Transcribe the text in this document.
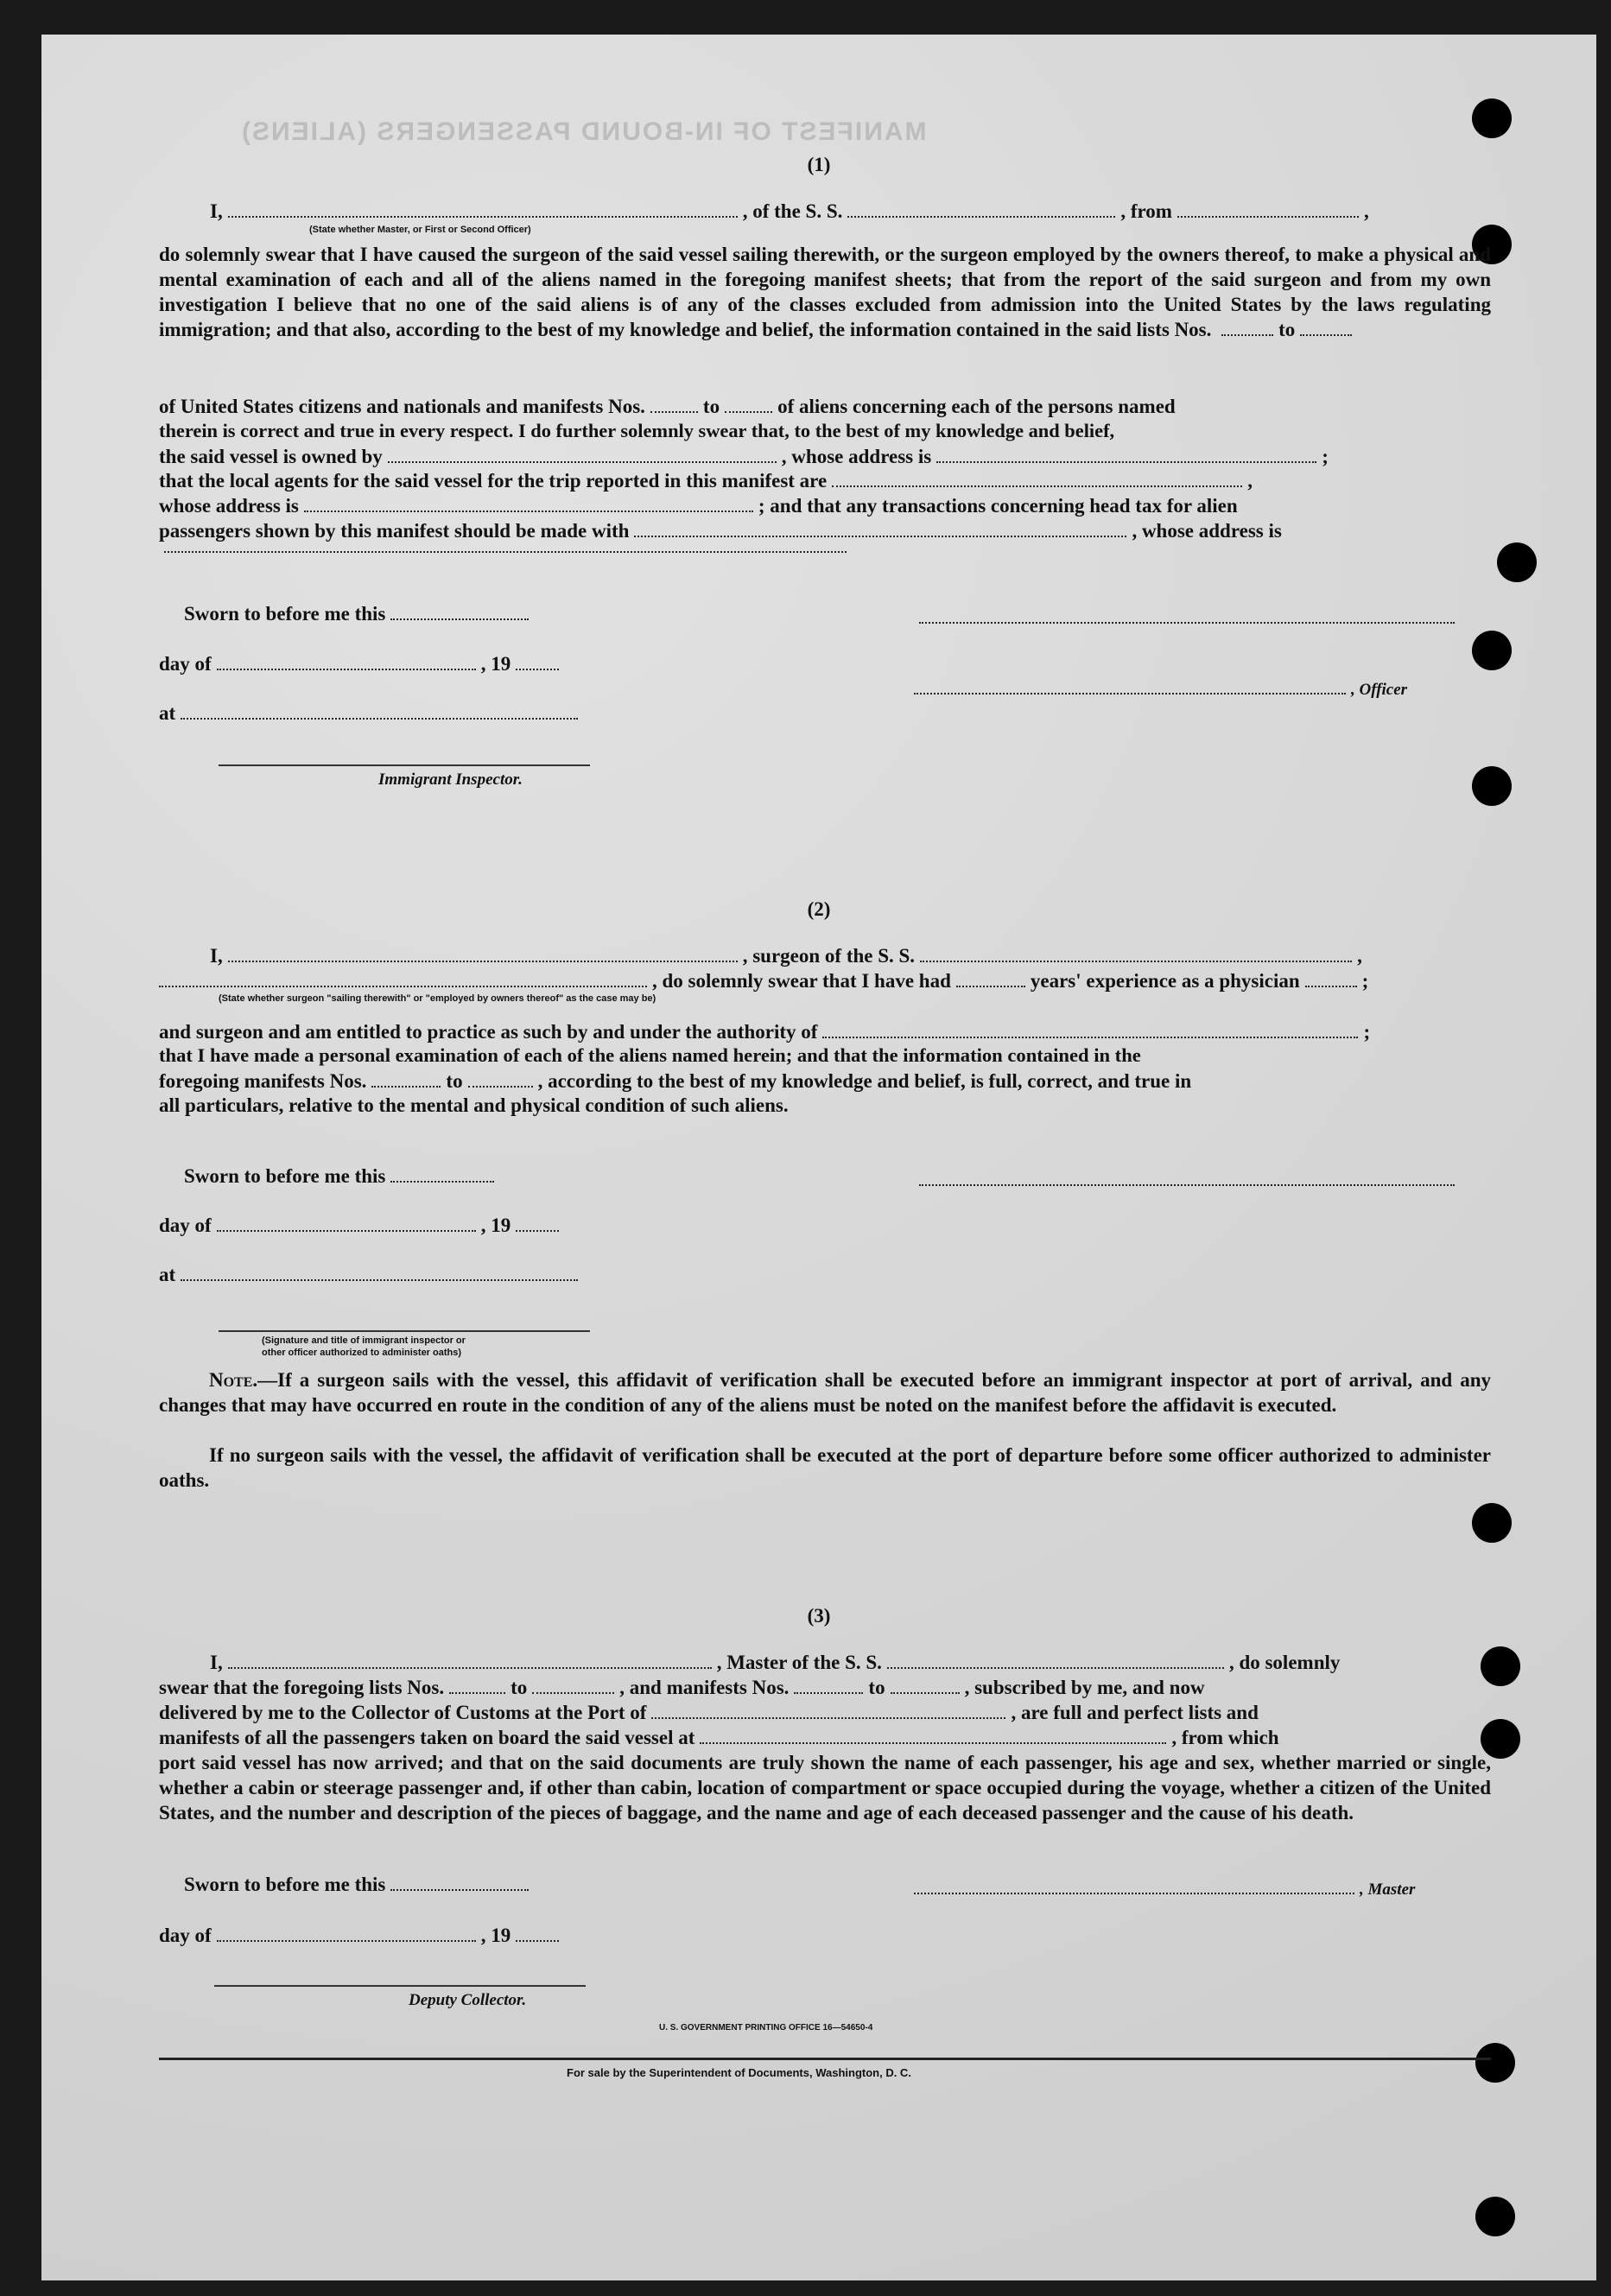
MANIFEST OF IN-BOUND PASSENGERS (ALIENS)
(1)
I,	, of the S. S.	, from	,
(State whether Master, or First or Second Officer)
do solemnly swear that I have caused the surgeon of the said vessel sailing therewith, or the surgeon employed by the owners thereof, to make a physical and mental examination of each and all of the aliens named in the foregoing manifest sheets; that from the report of the said surgeon and from my own investigation I believe that no one of the said aliens is of any of the classes excluded from admission into the United States by the laws regulating immigration; and that also, according to the best of my knowledge and belief, the information contained in the said lists Nos.	to
of United States citizens and nationals and manifests Nos.	to	of aliens concerning each of the persons named
therein is correct and true in every respect. I do further solemnly swear that, to the best of my knowledge and belief,
the said vessel is owned by	, whose address is	;
that the local agents for the said vessel for the trip reported in this manifest are	,
whose address is	; and that any transactions concerning head tax for alien
passengers shown by this manifest should be made with	, whose address is
Sworn to before me this
day of	, 19
at
Immigrant Inspector.
, Officer
(2)
I,	, surgeon of the S. S.	,
, do solemnly swear that I have had	years' experience as a physician	;
(State whether surgeon "sailing therewith" or "employed by owners thereof" as the case may be)
and surgeon and am entitled to practice as such by and under the authority of	;
that I have made a personal examination of each of the aliens named herein; and that the information contained in the
foregoing manifests Nos.	to	, according to the best of my knowledge and belief, is full, correct, and true in
all particulars, relative to the mental and physical condition of such aliens.
Sworn to before me this
day of	, 19
at
(Signature and title of immigrant inspector or
other officer authorized to administer oaths)
Note.—If a surgeon sails with the vessel, this affidavit of verification shall be executed before an immigrant inspector at port of arrival, and any changes that may have occurred en route in the condition of any of the aliens must be noted on the manifest before the affidavit is executed.
If no surgeon sails with the vessel, the affidavit of verification shall be executed at the port of departure before some officer authorized to administer oaths.
(3)
I,	, Master of the S. S.	, do solemnly
swear that the foregoing lists Nos.	to	, and manifests Nos.	to	, subscribed by me, and now
delivered by me to the Collector of Customs at the Port of	, are full and perfect lists and
manifests of all the passengers taken on board the said vessel at	, from which
port said vessel has now arrived; and that on the said documents are truly shown the name of each passenger, his age and sex, whether married or single, whether a cabin or steerage passenger and, if other than cabin, location of compartment or space occupied during the voyage, whether a citizen of the United States, and the number and description of the pieces of baggage, and the name and age of each deceased passenger and the cause of his death.
Sworn to before me this	, Master
day of	, 19
Deputy Collector.
U. S. GOVERNMENT PRINTING OFFICE 16—54650-4
For sale by the Superintendent of Documents, Washington, D. C.
